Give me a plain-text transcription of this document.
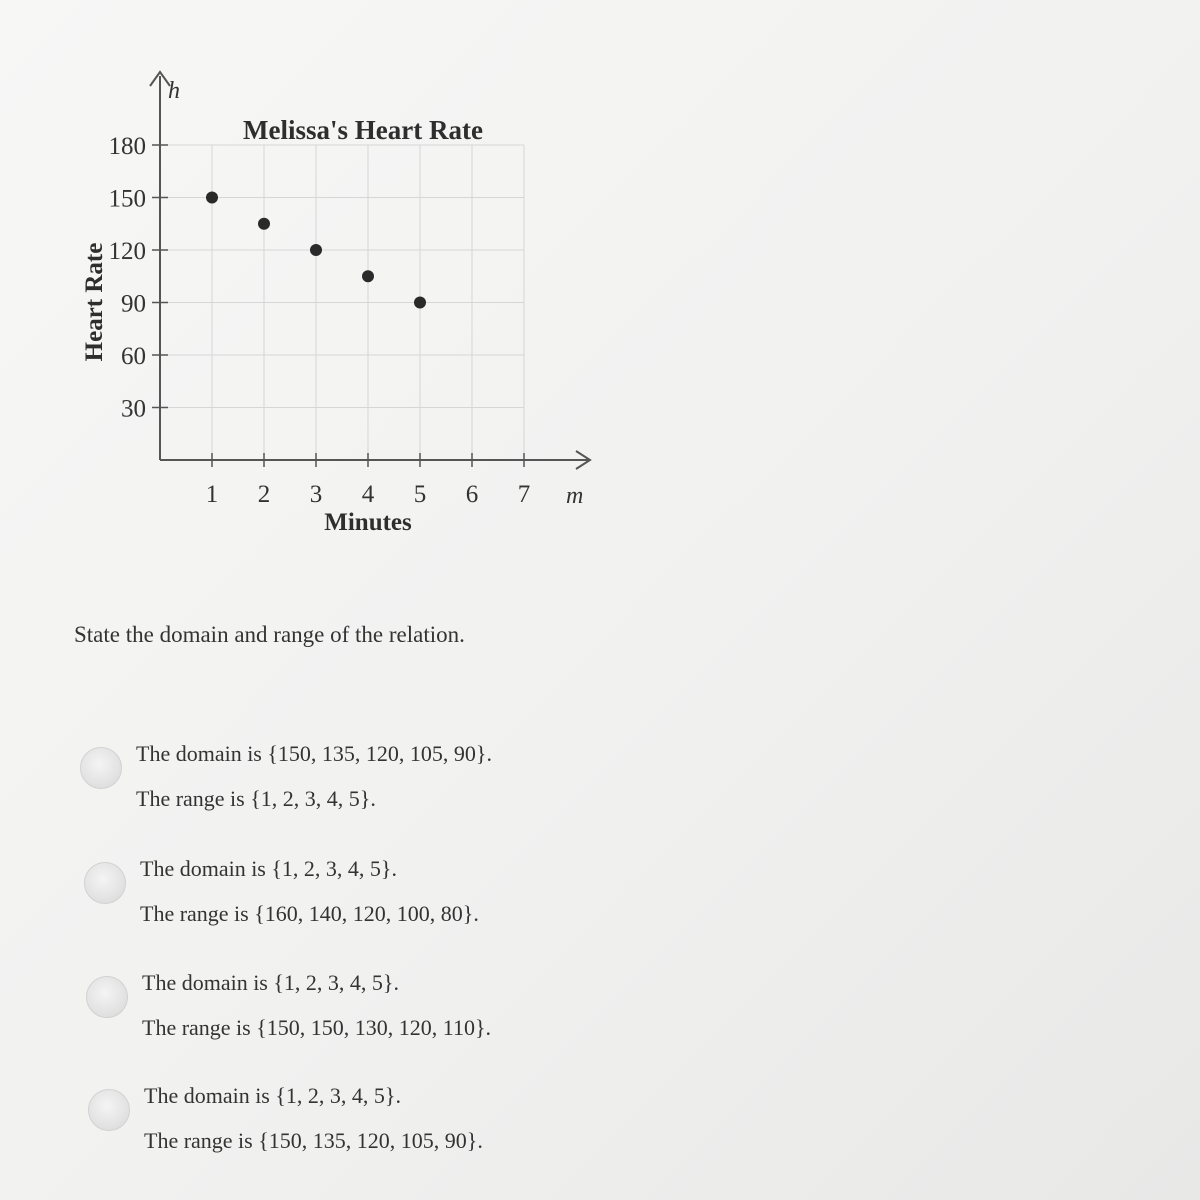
Melissa's Heart Rate
h
m
Minutes
Heart Rate
30
60
90
120
150
180
1 2 3 4 5 6 7
State the domain and range of the relation.
The domain is {150, 135, 120, 105, 90}.
The range is {1, 2, 3, 4, 5}.
The domain is {1, 2, 3, 4, 5}.
The range is {160, 140, 120, 100, 80}.
The domain is {1, 2, 3, 4, 5}.
The range is {150, 150, 130, 120, 110}.
The domain is {1, 2, 3, 4, 5}.
The range is {150, 135, 120, 105, 90}.
